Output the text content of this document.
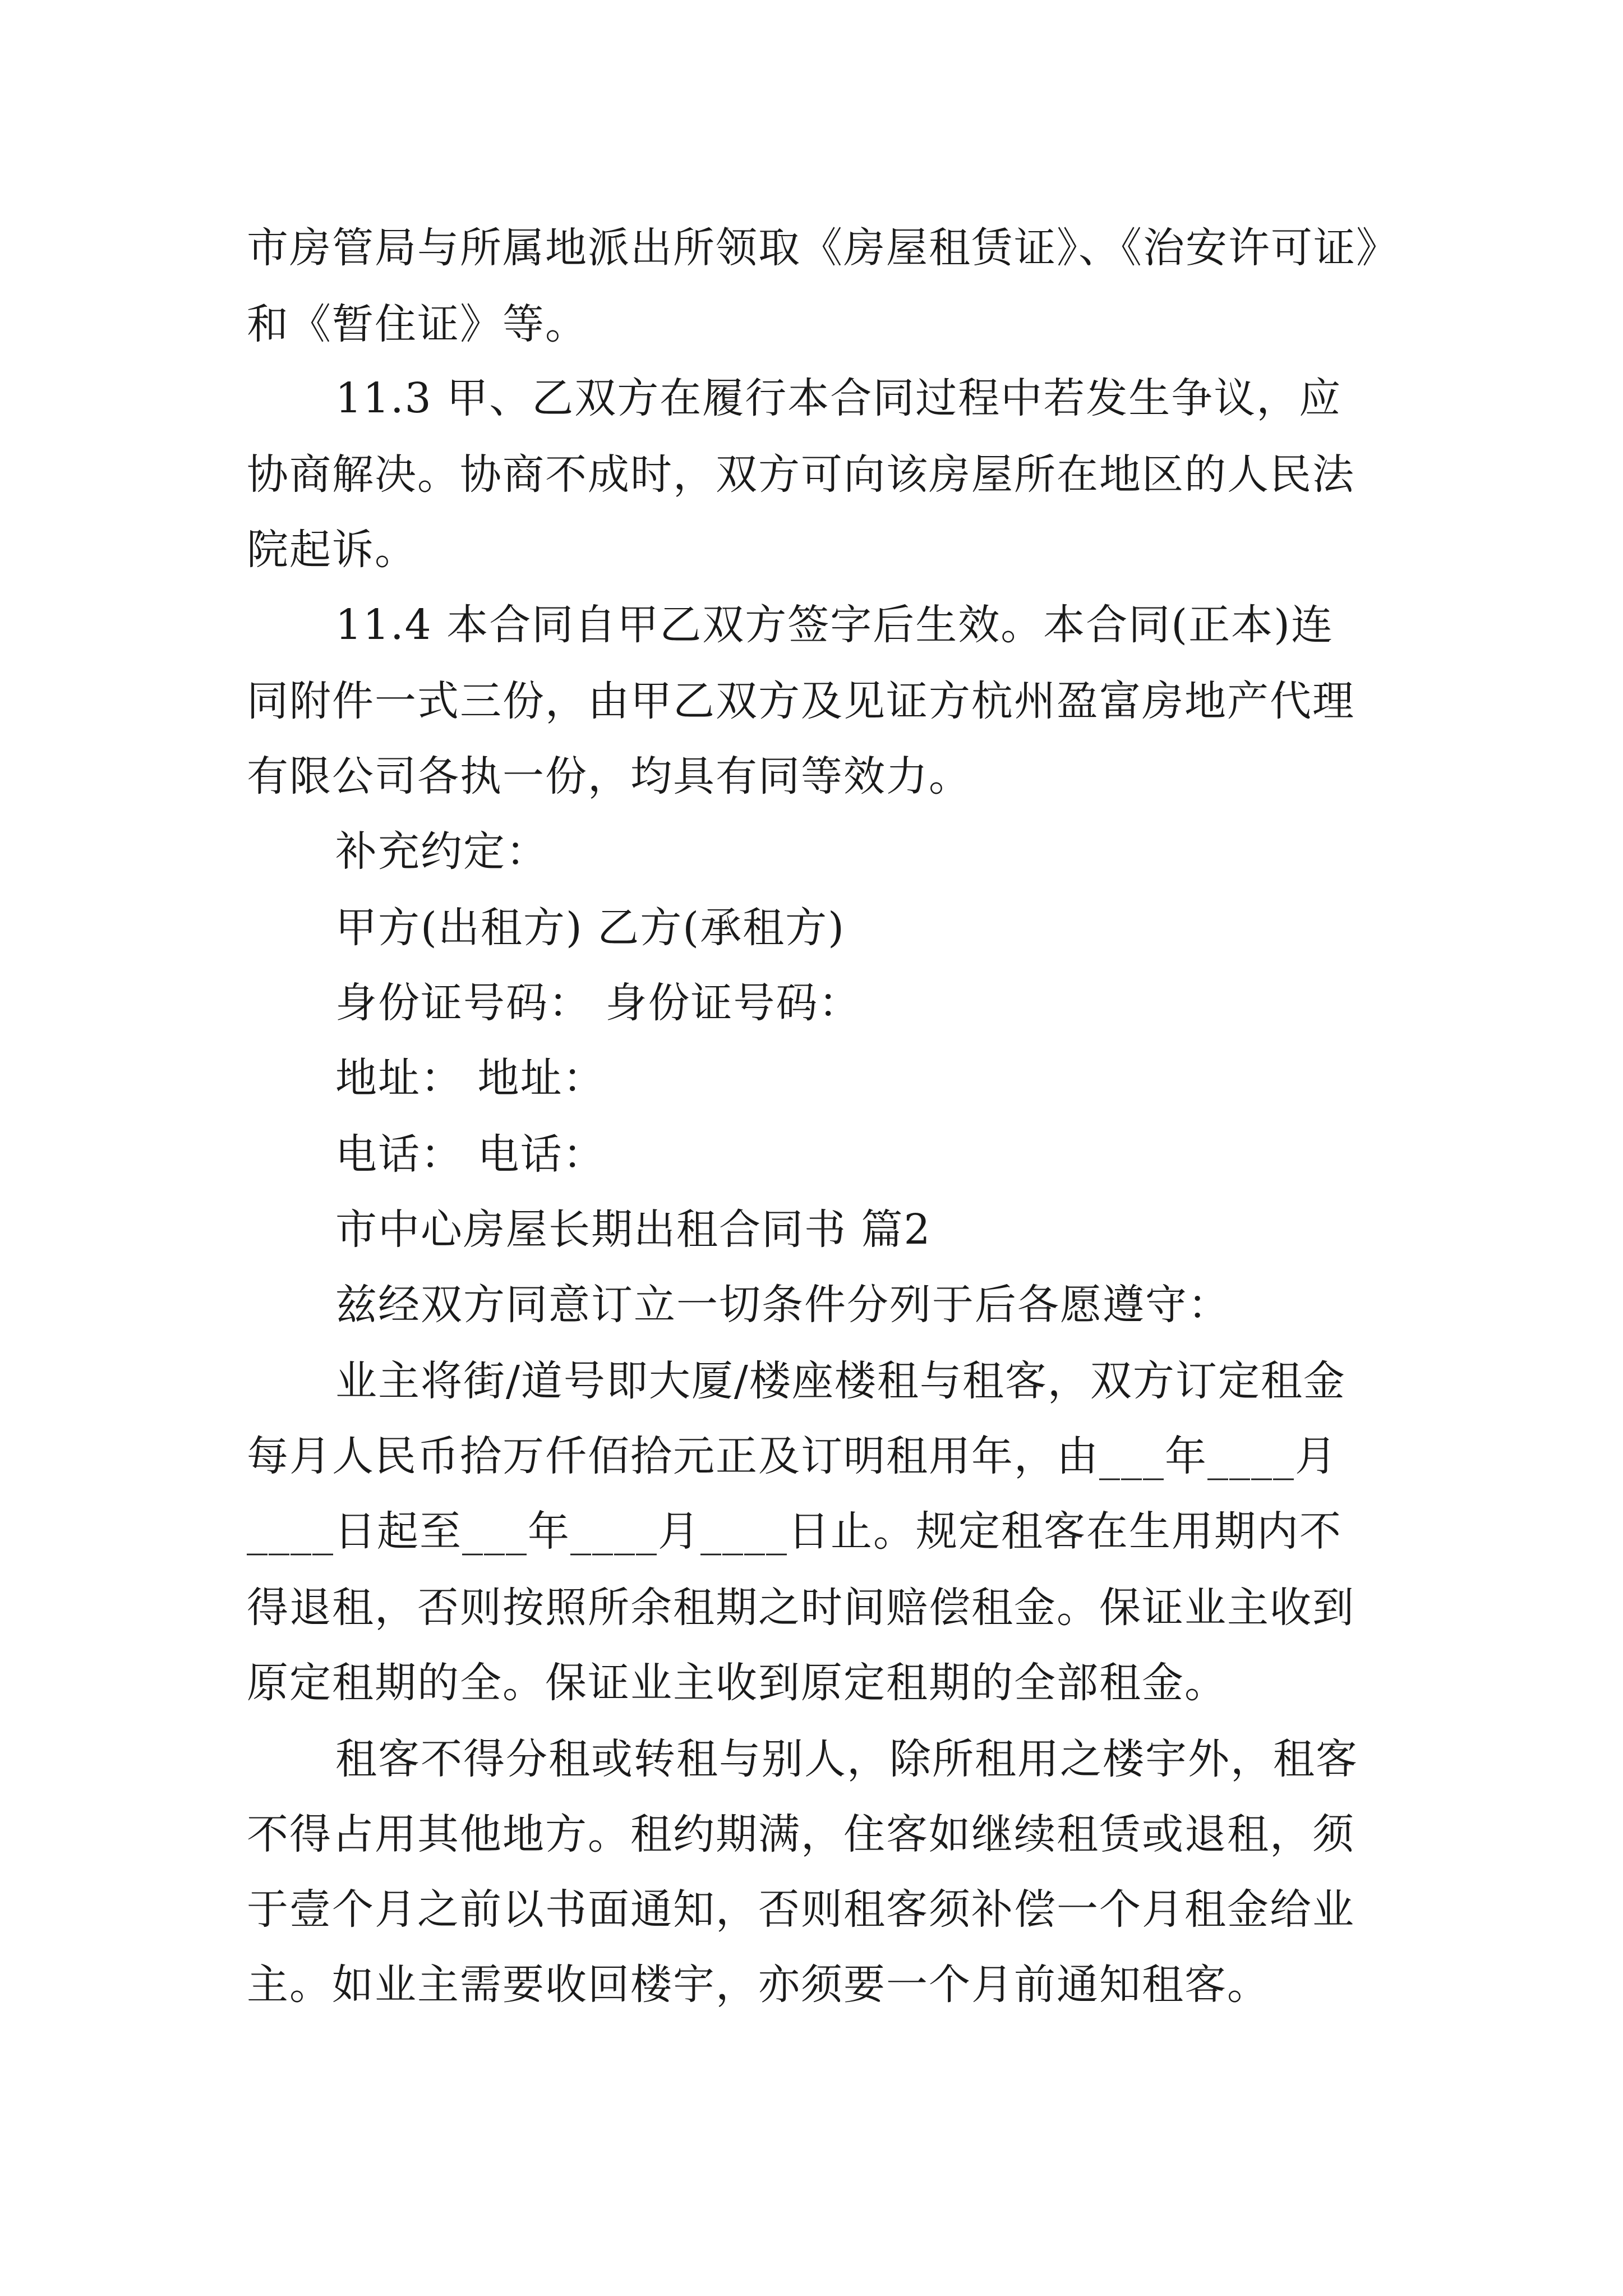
市房管局与所属地派出所领取《房屋租赁证》、《治安许可证》

和《暂住证》等。

11.3 甲、乙双方在履行本合同过程中若发生争议，应

协商解决。协商不成时，双方可向该房屋所在地区的人民法

院起诉。

11.4 本合同自甲乙双方签字后生效。本合同(正本)连

同附件一式三份，由甲乙双方及见证方杭州盈富房地产代理

有限公司各执一份，均具有同等效力。

补充约定：

甲方(出租方) 乙方(承租方)

身份证号码： 身份证号码：

地址： 地址：

电话： 电话：

市中心房屋长期出租合同书 篇2

兹经双方同意订立一切条件分列于后各愿遵守：

业主将街/道号即大厦/楼座楼租与租客，双方订定租金

每月人民币拾万仟佰拾元正及订明租用年，由___年____月

____日起至___年____月____日止。规定租客在生用期内不

得退租，否则按照所余租期之时间赔偿租金。保证业主收到

原定租期的全。保证业主收到原定租期的全部租金。

租客不得分租或转租与别人，除所租用之楼宇外，租客

不得占用其他地方。租约期满，住客如继续租赁或退租，须

于壹个月之前以书面通知，否则租客须补偿一个月租金给业

主。如业主需要收回楼宇，亦须要一个月前通知租客。
